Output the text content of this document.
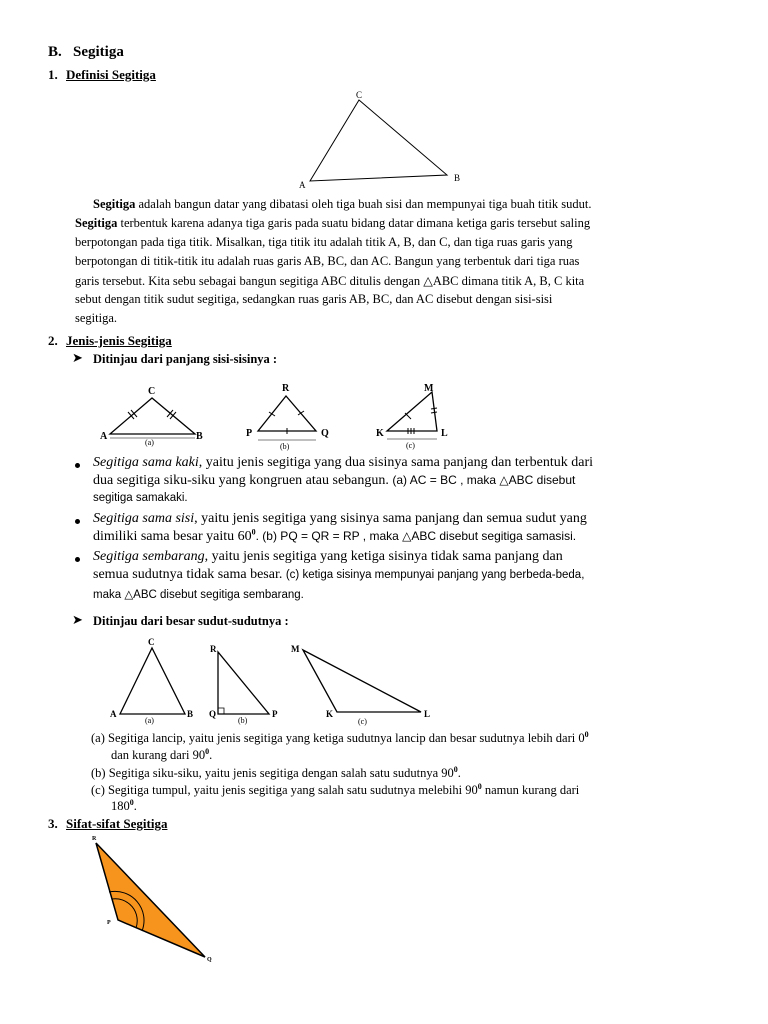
B. Segitiga
1. Definisi Segitiga
A
B
C
Segitiga adalah bangun datar yang dibatasi oleh tiga buah sisi dan mempunyai tiga buah titik sudut.
Segitiga terbentuk karena adanya tiga garis pada suatu bidang datar dimana ketiga garis tersebut saling
berpotongan pada tiga titik. Misalkan, tiga titik itu adalah titik A, B, dan C, dan tiga ruas garis yang
berpotongan di titik-titik itu adalah ruas garis AB, BC, dan AC. Bangun yang terbentuk dari tiga ruas
garis tersebut. Kita sebu sebagai bangun segitiga ABC ditulis dengan △ABC dimana titik A, B, C kita
sebut dengan titik sudut segitiga, sedangkan ruas garis AB, BC, dan AC disebut dengan sisi-sisi
segitiga.
2. Jenis-jenis Segitiga
➤ Ditinjau dari panjang sisi-sisinya :
A	B
C
(a)
P	Q
R
(b)
K	L
M
(c)
Segitiga sama kaki, yaitu jenis segitiga yang dua sisinya sama panjang dan terbentuk dari
dua segitiga siku-siku yang kongruen atau sebangun. (a) AC = BC , maka △ABC disebut
segitiga samakaki.
Segitiga sama sisi, yaitu jenis segitiga yang sisinya sama panjang dan semua sudut yang
dimiliki sama besar yaitu $60^0$. (b) PQ = QR = RP , maka △ABC disebut segitiga samasisi.
Segitiga sembarang, yaitu jenis segitiga yang ketiga sisinya tidak sama panjang dan
semua sudutnya tidak sama besar. (c) ketiga sisinya mempunyai panjang yang berbeda-beda,
maka △ABC disebut segitiga sembarang.
➤ Ditinjau dari besar sudut-sudutnya :
A	B
C
(a)
Q	P
R
(b)
M
K	L
(c)
(a) Segitiga lancip, yaitu jenis segitiga yang ketiga sudutnya lancip dan besar sudutnya lebih dari $0^0$
dan kurang dari $90^0$.
(b) Segitiga siku-siku, yaitu jenis segitiga dengan salah satu sudutnya $90^0$.
(c) Segitiga tumpul, yaitu jenis segitiga yang salah satu sudutnya melebihi $90^0$ namun kurang dari
$180^0$.
3. Sifat-sifat Segitiga
R
P
Q
